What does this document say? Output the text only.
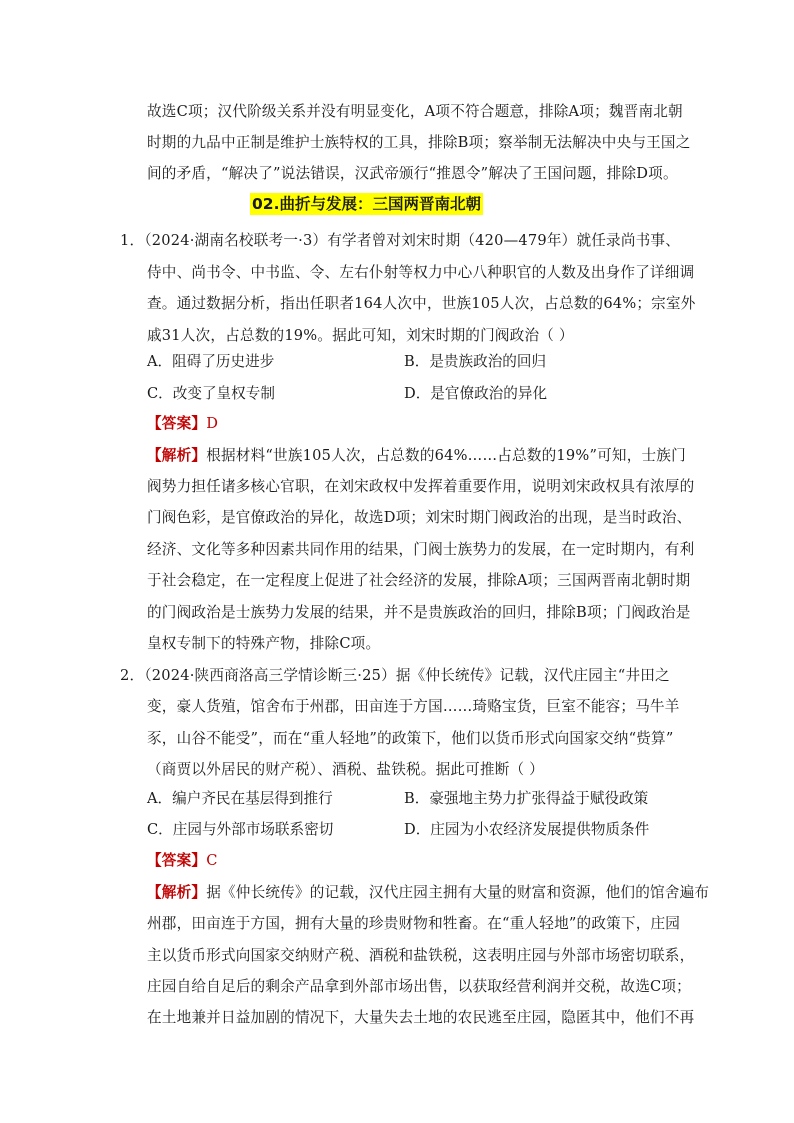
故选C项；汉代阶级关系并没有明显变化，A项不符合题意，排除A项；魏晋南北朝
时期的九品中正制是维护士族特权的工具，排除B项；察举制无法解决中央与王国之
间的矛盾，“解决了”说法错误，汉武帝颁行“推恩令”解决了王国问题，排除D项。
02.曲折与发展：三国两晋南北朝
1．（2024·湖南名校联考一·3）有学者曾对刘宋时期（420—479年）就任录尚书事、
侍中、尚书令、中书监、令、左右仆射等权力中心八种职官的人数及出身作了详细调
查。通过数据分析，指出任职者164人次中，世族105人次，占总数的64%；宗室外
戚31人次，占总数的19%。据此可知，刘宋时期的门阀政治（ ）
A．阻碍了历史进步	B．是贵族政治的回归
C．改变了皇权专制	D．是官僚政治的异化
【答案】D
【解析】根据材料“世族105人次，占总数的64%……占总数的19%”可知，士族门
阀势力担任诸多核心官职，在刘宋政权中发挥着重要作用，说明刘宋政权具有浓厚的
门阀色彩，是官僚政治的异化，故选D项；刘宋时期门阀政治的出现，是当时政治、
经济、文化等多种因素共同作用的结果，门阀士族势力的发展，在一定时期内，有利
于社会稳定，在一定程度上促进了社会经济的发展，排除A项；三国两晋南北朝时期
的门阀政治是士族势力发展的结果，并不是贵族政治的回归，排除B项；门阀政治是
皇权专制下的特殊产物，排除C项。
2．（2024·陕西商洛高三学情诊断三·25）据《仲长统传》记载，汉代庄园主“井田之
变，豪人货殖，馆舍布于州郡，田亩连于方国……琦赂宝货，巨室不能容；马牛羊
豕，山谷不能受”，而在“重人轻地”的政策下，他们以货币形式向国家交纳“赀算”
（商贾以外居民的财产税）、酒税、盐铁税。据此可推断（ ）
A．编户齐民在基层得到推行	B．豪强地主势力扩张得益于赋役政策
C．庄园与外部市场联系密切	D．庄园为小农经济发展提供物质条件
【答案】C
【解析】据《仲长统传》的记载，汉代庄园主拥有大量的财富和资源，他们的馆舍遍布
州郡，田亩连于方国，拥有大量的珍贵财物和牲畜。在“重人轻地”的政策下，庄园
主以货币形式向国家交纳财产税、酒税和盐铁税，这表明庄园与外部市场密切联系，
庄园自给自足后的剩余产品拿到外部市场出售，以获取经营利润并交税，故选C项；
在土地兼并日益加剧的情况下，大量失去土地的农民逃至庄园，隐匿其中，他们不再
